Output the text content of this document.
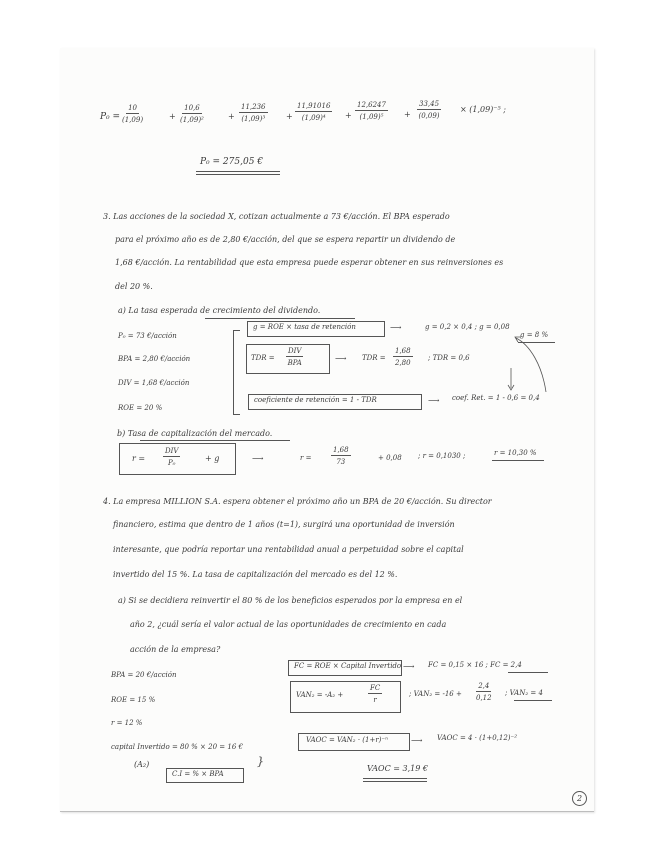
$P_0 = \frac{10}{(1,09)}$	+ $\frac{10,6}{\text{(1,09)²}}$	+ $\frac{11,236}{\text{(1,09)³}} + \frac{11,91016}{\text{(1,09)⁴}} + \frac{12,6247}{\text{(1,09)⁵}} + \frac{33,45}{(0,09)} \times (1,09)^{-5}$ ;
P₀ = 275,05 €
3. Las acciones de la sociedad X, cotizan actualmente a 73 €/acción. El BPA esperado
para el próximo año es de 2,80 €/acción, del que se espera repartir un dividendo de
1,68 €/acción. La rentabilidad que esta empresa puede esperar obtener en sus reinversiones es
del 20 %.
a) La tasa esperada de crecimiento del dividendo.
P₀ = 73 €/acción
BPA = 2,80 €/acción
DIV = 1,68 €/acción
ROE = 20 %
g = ROE × tasa de retención	⟶	g = 0,2 × 0,4 ; g = 0,08
g = 8 %
TDR =
DIV
BPA	⟶ TDR = $\frac{1,68}{2,80}$ ; TDR = 0,6
coeficiente de retención = 1 - TDR	⟶ coef. Ret. = 1 - 0,6 = 0,4
b) Tasa de capitalización del mercado.
r =
DIV
P₀	+ g	⟶	r =	$\frac{1,68}{73}$	+ 0,08 ; r = 0,1030 ;	r = 10,30 %
4. La empresa MILLION S.A. espera obtener el próximo año un BPA de 20 €/acción. Su director
financiero, estima que dentro de 1 años (t=1), surgirá una oportunidad de inversión
interesante, que podría reportar una rentabilidad anual a perpetuidad sobre el capital
invertido del 15 %. La tasa de capitalización del mercado es del 12 %.
a) Si se decidiera reinvertir el 80 % de los beneficios esperados por la empresa en el
año 2, ¿cuál sería el valor actual de las oportunidades de crecimiento en cada
acción de la empresa?
BPA = 20 €/acción
ROE = 15 %
r = 12 %
capital Invertido = 80 % × 20 = 16 €
(A₂)
C.I = % × BPA
}
FC = ROE × Capital Invertido ⟶ FC = 0,15 × 16 ; FC = 2,4
VAN₂ = -A₂ +	$\frac{FC}{r}$	; $VAN_2 = -16 + \frac{2,4}{0,12}$ ; VAN₂ = 4
VAOC = VAN₂ · (1+r)⁻ⁿ	⟶ VAOC = 4 · (1+0,12)⁻²
VAOC = 3,19 €
2
